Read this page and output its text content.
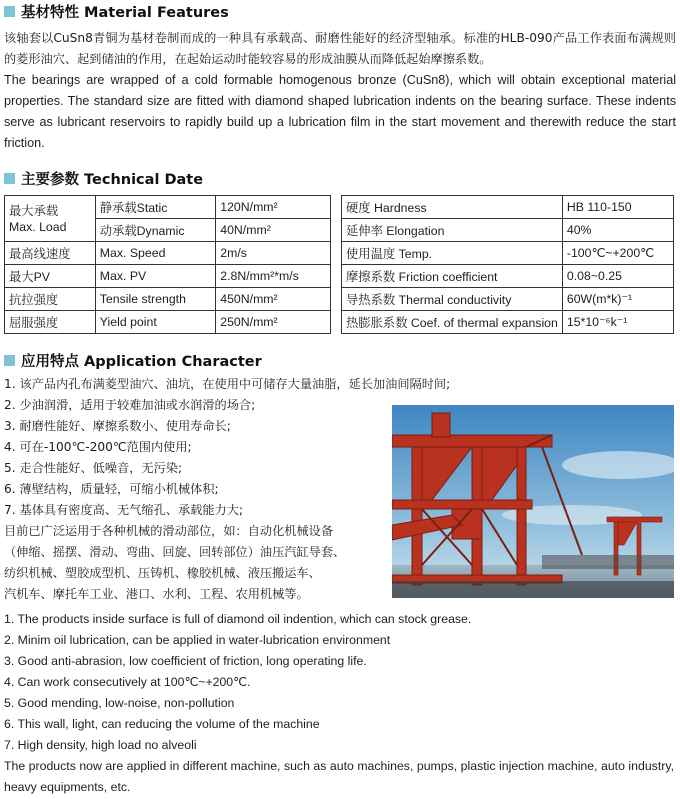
基材特性 Material Features
该轴套以CuSn8青铜为基材卷制而成的一种具有承载高、耐磨性能好的经济型轴承。标准的HLB-090产品工作表面布满规则的菱形油穴、起到储油的作用，在起始运动时能较容易的形成油膜从而降低起始摩擦系数。
The bearings are wrapped of a cold formable homogenous bronze (CuSn8), which will obtain exceptional material properties. The standard size are fitted with diamond shaped lubrication indents on the bearing surface. These indents serve as lubricant reservoirs to rapidly build up a lubrication film in the start movement and therewith reduce the start friction.
主要参数 Technical Date
最大承载
Max. Load	静承载Static	120N/mm²		硬度 Hardness	HB 110-150
	动承载Dynamic	40N/mm²		延伸率 Elongation	40%
最高线速度	Max. Speed	2m/s		使用温度 Temp.	-100℃~+200℃
最大PV	Max. PV	2.8N/mm²*m/s		摩擦系数 Friction coefficient	0.08~0.25
抗拉强度	Tensile strength	450N/mm²		导热系数 Thermal conductivity	60W(m*k)⁻¹
屈服强度	Yield point	250N/mm²		热膨胀系数 Coef. of thermal expansion	15*10⁻⁶k⁻¹
应用特点 Application Character
1. 该产品内孔布满菱型油穴、油坑，在使用中可储存大量油脂，延长加油间隔时间;
2. 少油润滑，适用于较难加油或水润滑的场合;
3. 耐磨性能好、摩擦系数小、使用寿命长;
4. 可在-100℃-200℃范围内使用;
5. 走合性能好、低噪音，无污染;
6. 薄壁结构，质量轻，可缩小机械体积;
7. 基体具有密度高、无气缩孔、承载能力大;
目前已广泛运用于各种机械的滑动部位，如：自动化机械设备
（伸缩、摇摆、滑动、弯曲、回旋、回转部位）油压汽缸导套、
纺织机械、塑胶成型机、压铸机、橡胶机械、液压搬运车、
汽机车、摩托车工业、港口、水利、工程、农用机械等。
1. The products inside surface is full of diamond oil indention, which can stock grease.
2. Minim oil lubrication, can be applied in water-lubrication environment
3. Good anti-abrasion, low coefficient of friction, long operating life.
4. Can work consecutively at 100℃~+200℃.
5. Good mending, low-noise, non-pollution
6. This wall, light, can reducing the volume of the machine
7. High density, high load no alveoli
The products now are applied in different machine, such as auto machines, pumps, plastic injection machine, auto industry, heavy equipments, etc.
